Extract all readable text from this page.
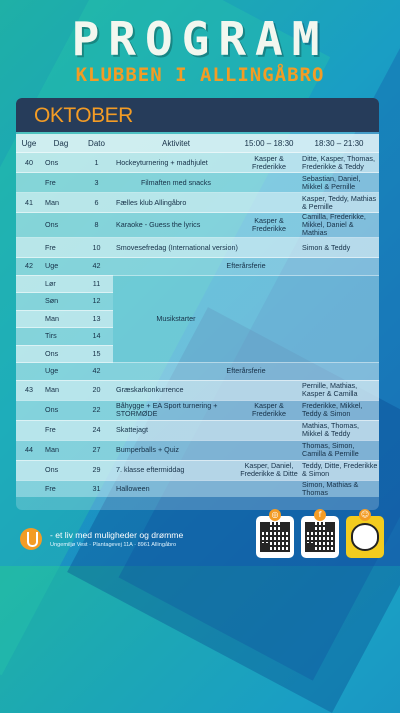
PROGRAM
KLUBBEN I ALLINGÅBRO
OKTOBER
Uge	Dag	Dato	Aktivitet	15:00 – 18:30	18:30 – 21:30
40	Ons	1	Hockeyturnering + madhjulet	Kasper & Frederikke	Ditte, Kasper, Thomas, Frederikke & Teddy
	Fre	3	Filmaften med snacks		Sebastian, Daniel, Mikkel & Pernille
41	Man	6	Fælles klub Allingåbro		Kasper, Teddy, Mathias & Pernille
	Ons	8	Karaoke - Guess the lyrics	Kasper & Frederikke	Camilla, Frederikke, Mikkel, Daniel & Mathias
	Fre	10	Smovesefredag (International version)		Simon & Teddy
42	Uge	42	Efterårsferie		
	Lør	11	Musikstarter		
	Søn	12			
	Man	13			
	Tirs	14			
	Ons	15			
	Uge	42	Efterårsferie		
43	Man	20	Græskarkonkurrence		Pernille, Mathias, Kasper & Camilla
	Ons	22	Båhygge + EA Sport turnering + STORMØDE	Kasper & Frederikke	Frederikke, Mikkel, Teddy & Simon
	Fre	24	Skattejagt		Mathias, Thomas, Mikkel & Teddy
44	Man	27	Bumperballs + Quiz		Thomas, Simon, Camilla & Pernille
	Ons	29	7. klasse eftermiddag	Kasper, Daniel, Frederikke & Ditte	Teddy, Ditte, Frederikke & Simon
	Fre	31	Halloween		Simon, Mathias & Thomas
- et liv med muligheder og drømme
Ungemiljø Vest · Plantagevej 11A · 8961 Allingåbro
◎	f	☺
